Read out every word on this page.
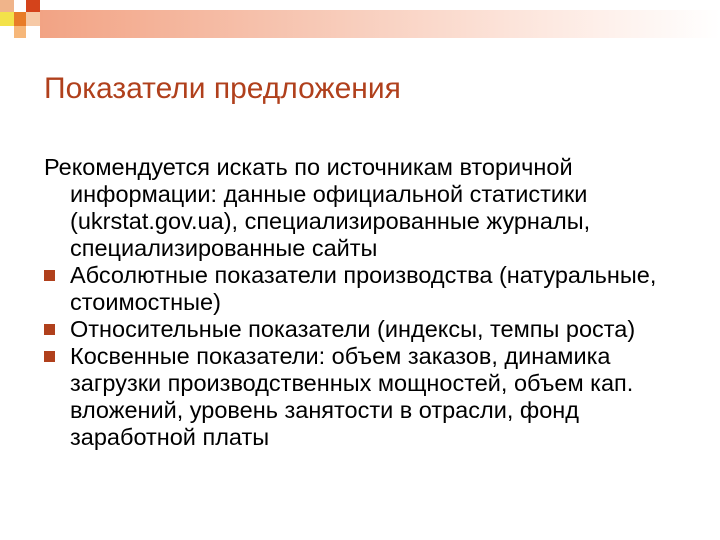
Показатели предложения

Рекомендуется искать по источникам вторичной информации: данные официальной статистики (ukrstat.gov.ua), специализированные журналы, специализированные сайты

Абсолютные показатели производства (натуральные, стоимостные)
Относительные показатели (индексы, темпы роста)
Косвенные показатели: объем заказов, динамика загрузки производственных мощностей, объем кап. вложений, уровень занятости в отрасли, фонд заработной платы
